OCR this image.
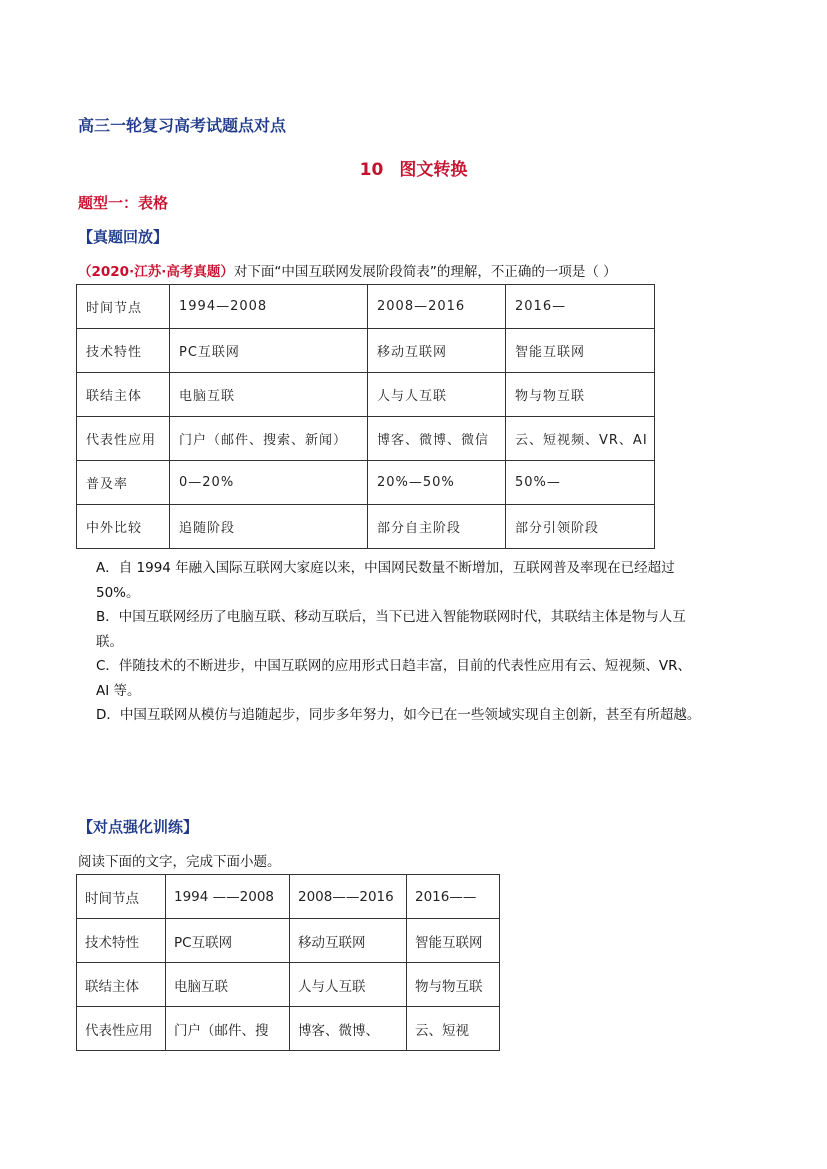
高三一轮复习高考试题点对点
10 图文转换
题型一：表格
【真题回放】
（2020·江苏·高考真题）对下面“中国互联网发展阶段简表”的理解，不正确的一项是（ ）
时间节点	1994—2008	2008—2016	2016—
技术特性	PC互联网	移动互联网	智能互联网
联结主体	电脑互联	人与人互联	物与物互联
代表性应用	门户（邮件、搜索、新闻）	博客、微博、微信	云、短视频、VR、AI
普及率	0—20%	20%—50%	50%—
中外比较	追随阶段	部分自主阶段	部分引领阶段
A．自 1994 年融入国际互联网大家庭以来，中国网民数量不断增加，互联网普及率现在已经超过
50%。
B．中国互联网经历了电脑互联、移动互联后，当下已进入智能物联网时代，其联结主体是物与人互
联。
C．伴随技术的不断进步，中国互联网的应用形式日趋丰富，目前的代表性应用有云、短视频、VR、
AI 等。
D．中国互联网从模仿与追随起步，同步多年努力，如今已在一些领域实现自主创新，甚至有所超越。
【对点强化训练】
阅读下面的文字，完成下面小题。
时间节点	1994 ——2008	2008——2016	2016——
技术特性	PC互联网	移动互联网	智能互联网
联结主体	电脑互联	人与人互联	物与物互联
代表性应用	门户（邮件、搜	博客、微博、	云、短视
